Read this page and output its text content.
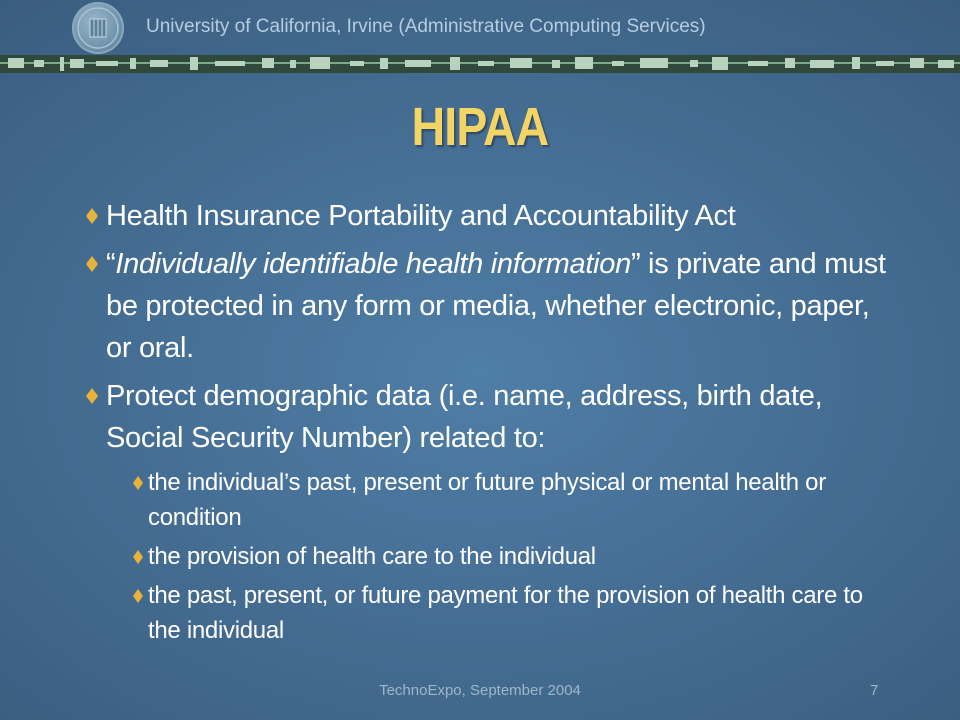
University of California, Irvine (Administrative Computing Services)
HIPAA
Health Insurance Portability and Accountability Act
“Individually identifiable health information” is private and must be protected in any form or media, whether electronic, paper, or oral.
Protect demographic data (i.e. name, address, birth date, Social Security Number) related to:
the individual’s past, present or future physical or mental health or condition
the provision of health care to the individual
the past, present, or future payment for the provision of health care to the individual
TechnoExpo, September 2004	7
